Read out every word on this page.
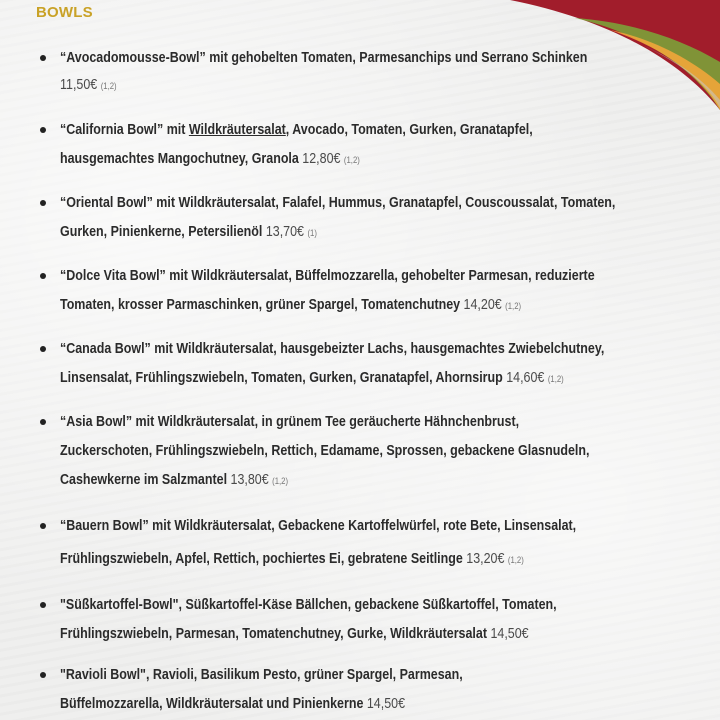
BOWLS
“Avocadomousse-Bowl” mit gehobelten Tomaten, Parmesanchips und Serrano Schinken
11,50€ (1,2)
“California Bowl” mit Wildkräutersalat, Avocado, Tomaten, Gurken, Granatapfel,
hausgemachtes Mangochutney, Granola 12,80€ (1,2)
“Oriental Bowl” mit Wildkräutersalat, Falafel, Hummus, Granatapfel, Couscoussalat, Tomaten,
Gurken, Pinienkerne, Petersilienöl 13,70€ (1)
“Dolce Vita Bowl” mit Wildkräutersalat, Büffelmozzarella, gehobelter Parmesan, reduzierte
Tomaten, krosser Parmaschinken, grüner Spargel, Tomatenchutney 14,20€ (1,2)
“Canada Bowl” mit Wildkräutersalat, hausgebeizter Lachs, hausgemachtes Zwiebelchutney,
Linsensalat, Frühlingszwiebeln, Tomaten, Gurken, Granatapfel, Ahornsirup 14,60€ (1,2)
“Asia Bowl” mit Wildkräutersalat, in grünem Tee geräucherte Hähnchenbrust,
Zuckerschoten, Frühlingszwiebeln, Rettich, Edamame, Sprossen, gebackene Glasnudeln,
Cashewkerne im Salzmantel 13,80€ (1,2)
“Bauern Bowl” mit Wildkräutersalat, Gebackene Kartoffelwürfel, rote Bete, Linsensalat,
Frühlingszwiebeln, Apfel, Rettich, pochiertes Ei, gebratene Seitlinge 13,20€ (1,2)
"Süßkartoffel-Bowl", Süßkartoffel-Käse Bällchen, gebackene Süßkartoffel, Tomaten,
Frühlingszwiebeln, Parmesan, Tomatenchutney, Gurke, Wildkräutersalat 14,50€
"Ravioli Bowl", Ravioli, Basilikum Pesto, grüner Spargel, Parmesan,
Büffelmozzarella, Wildkräutersalat und Pinienkerne 14,50€
